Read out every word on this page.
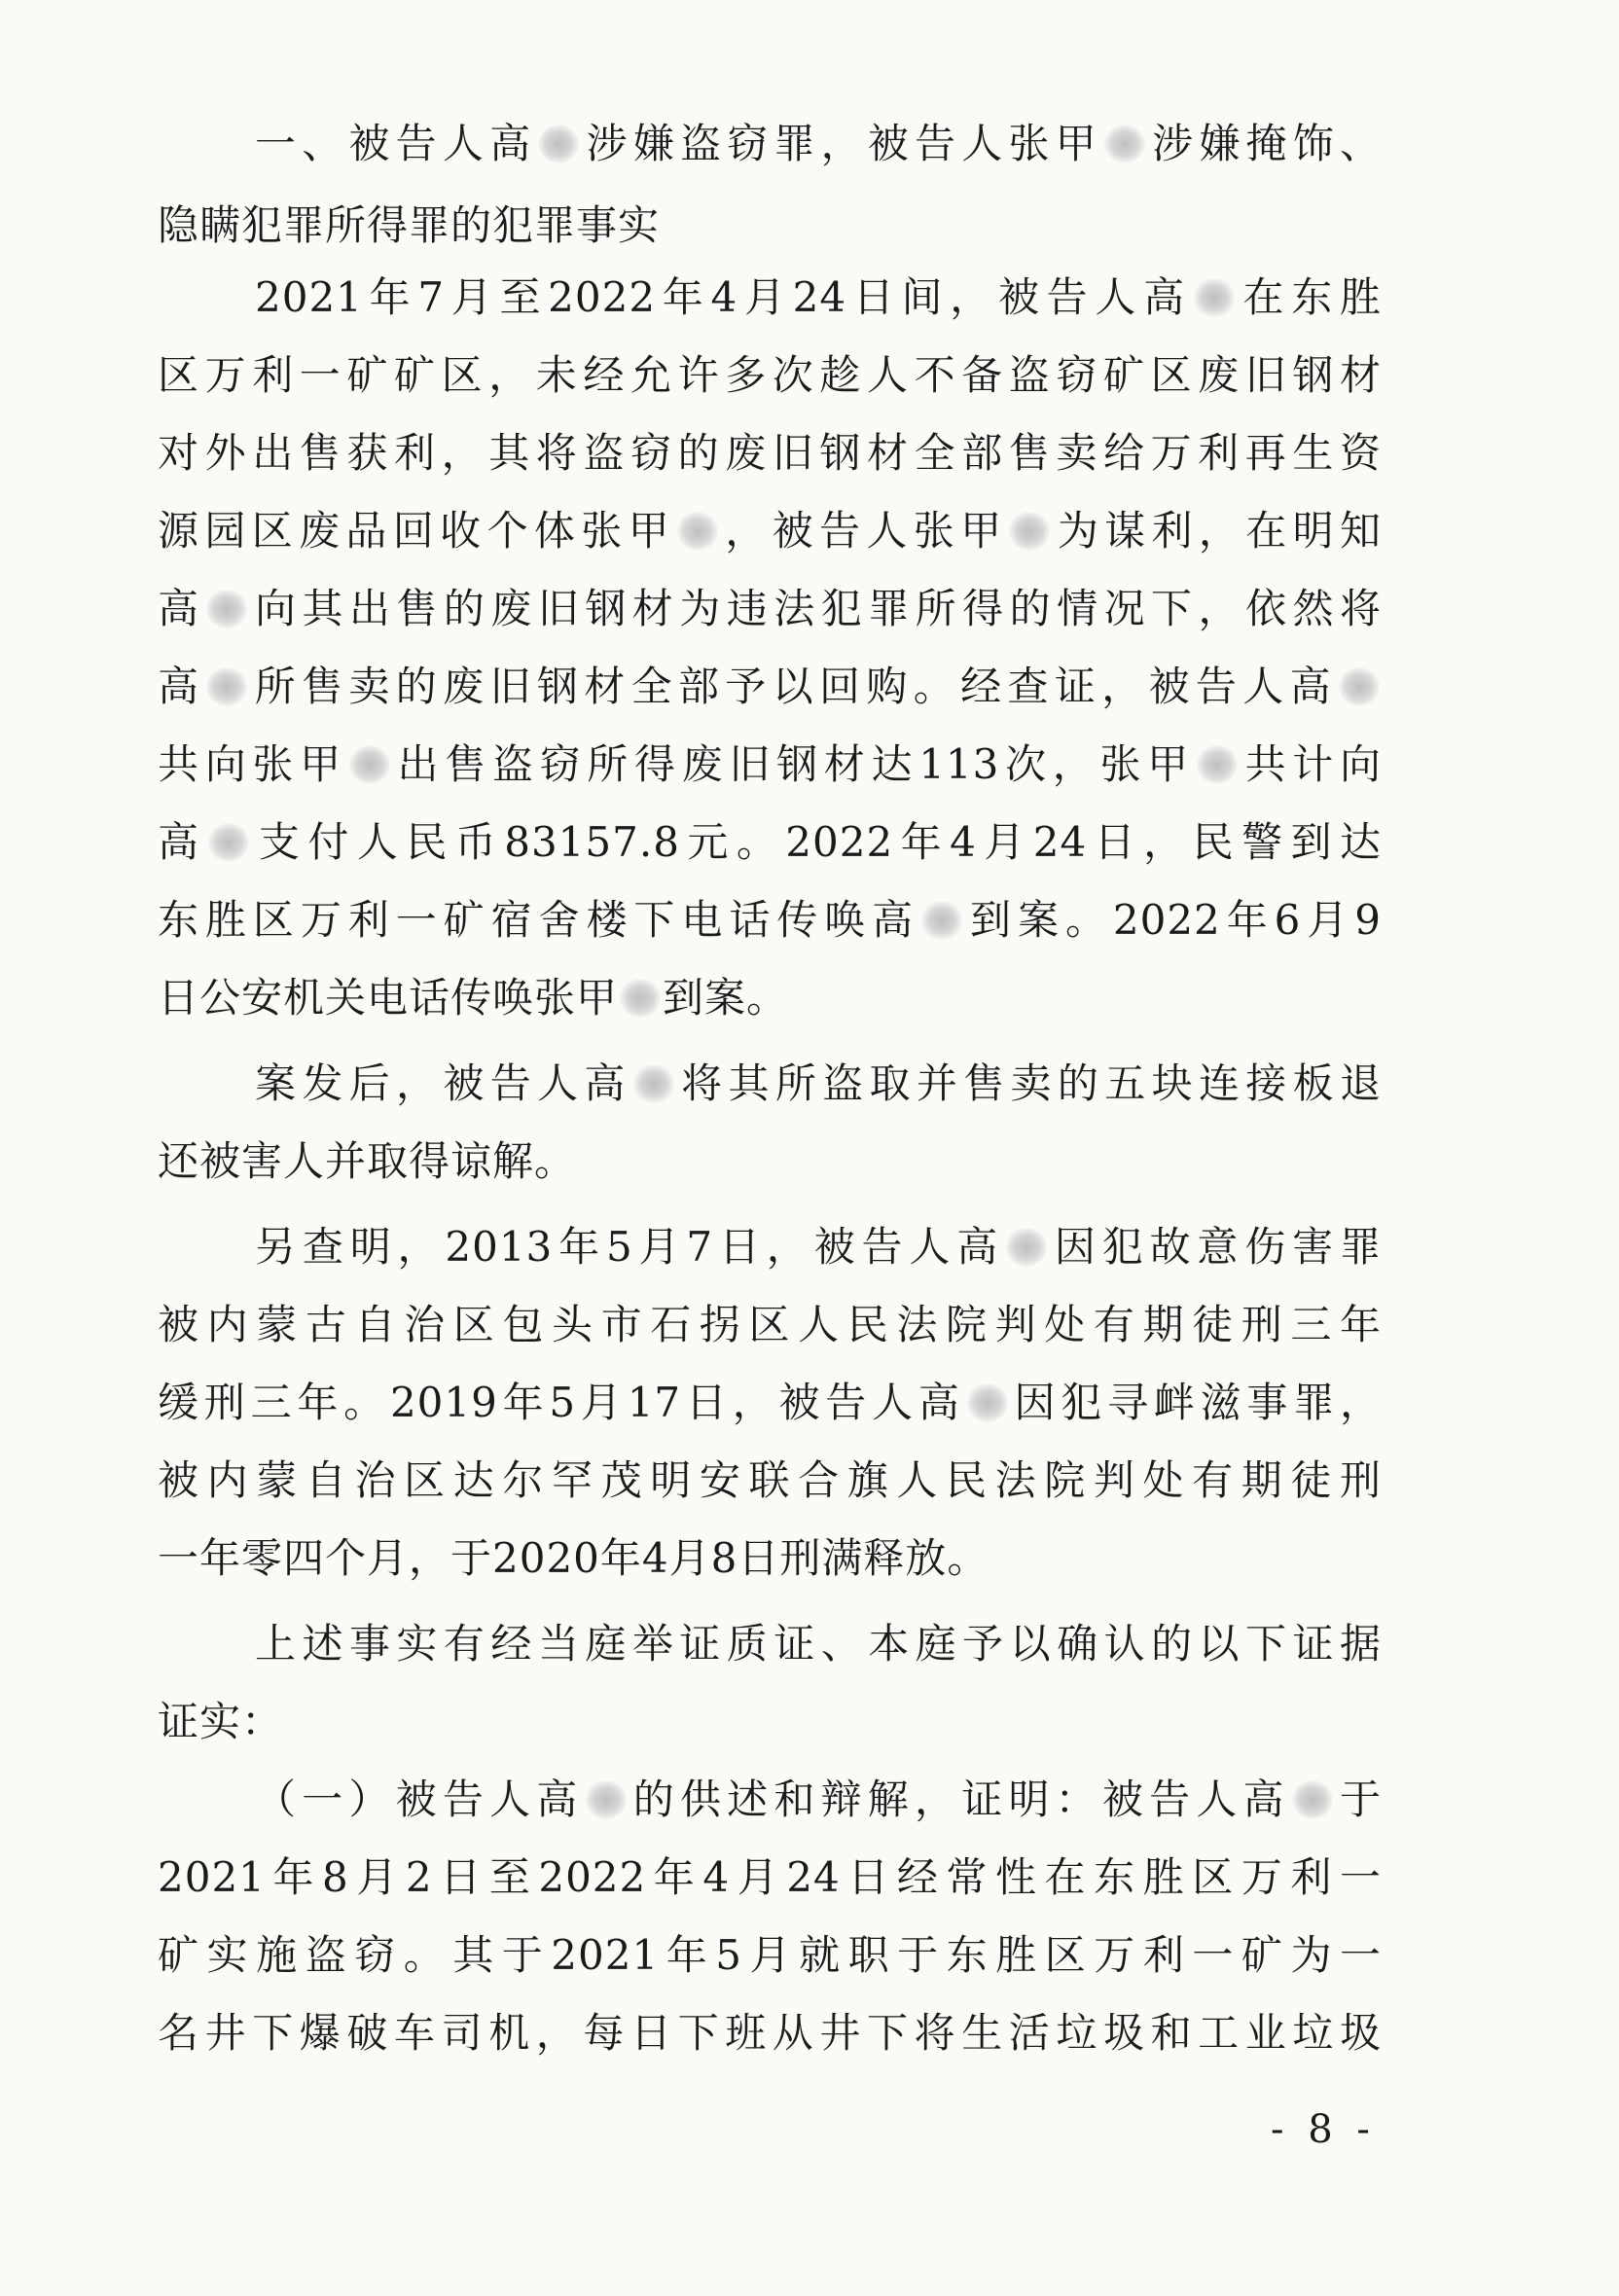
一、被告人高 涉嫌盗窃罪，被告人张甲 涉嫌掩饰、
隐瞒犯罪所得罪的犯罪事实
2021年7月至2022年4月24日间，被告人高 在东胜
区万利一矿矿区，未经允许多次趁人不备盗窃矿区废旧钢材
对外出售获利，其将盗窃的废旧钢材全部售卖给万利再生资
源园区废品回收个体张甲 ，被告人张甲 为谋利，在明知
高 向其出售的废旧钢材为违法犯罪所得的情况下，依然将
高 所售卖的废旧钢材全部予以回购。经查证，被告人高
共向张甲 出售盗窃所得废旧钢材达113次，张甲 共计向
高 支付人民币83157.8元。2022年4月24日，民警到达
东胜区万利一矿宿舍楼下电话传唤高 到案。2022年6月9
日公安机关电话传唤张甲 到案。
案发后，被告人高 将其所盗取并售卖的五块连接板退
还被害人并取得谅解。
另查明，2013年5月7日，被告人高 因犯故意伤害罪
被内蒙古自治区包头市石拐区人民法院判处有期徒刑三年
缓刑三年。2019年5月17日，被告人高 因犯寻衅滋事罪，
被内蒙自治区达尔罕茂明安联合旗人民法院判处有期徒刑
一年零四个月，于2020年4月8日刑满释放。
上述事实有经当庭举证质证、本庭予以确认的以下证据
证实：
（一）被告人高 的供述和辩解，证明：被告人高 于
2021年8月2日至2022年4月24日经常性在东胜区万利一
矿实施盗窃。其于2021年5月就职于东胜区万利一矿为一
名井下爆破车司机，每日下班从井下将生活垃圾和工业垃圾
- 8 -
